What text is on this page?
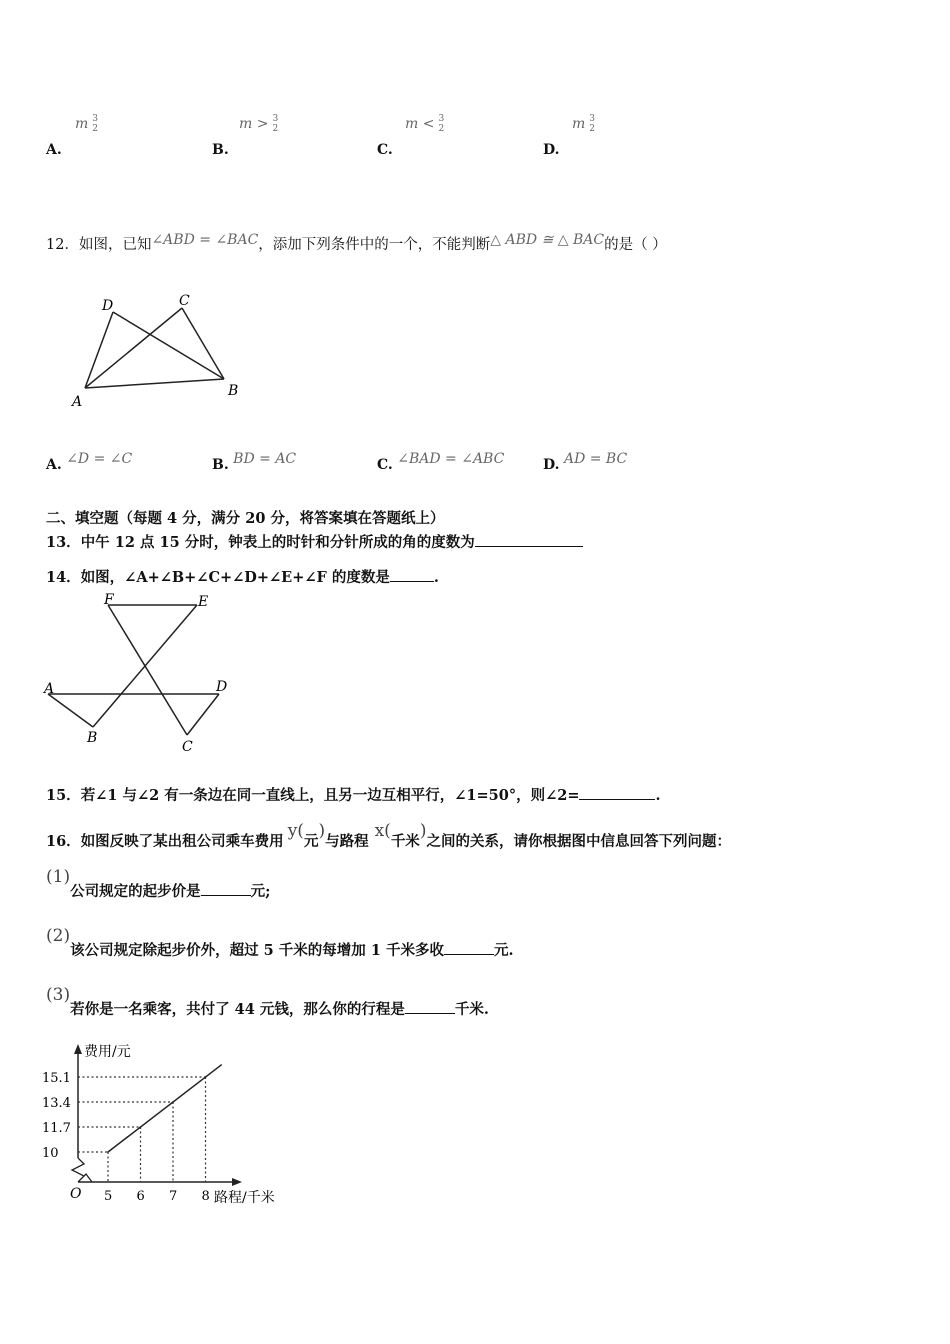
A.
m 3
2
B.
m > 3
2
C.
m < 3
2
D.
m 3
2
12．如图，已知∠ABD = ∠BAC，添加下列条件中的一个，不能判断△ ABD ≅ △ BAC的是（ ）
D	C
A
B
A. ∠D = ∠C	B. BD = AC	C. ∠BAD = ∠ABC	D. AD = BC
二、填空题（每题 4 分，满分 20 分，将答案填在答题纸上）
13．中午 12 点 15 分时，钟表上的时针和分针所成的角的度数为
14．如图，∠A+∠B+∠C+∠D+∠E+∠F 的度数是	.
F	E
A	D
B
C
15．若∠1 与∠2 有一条边在同一直线上，且另一边互相平行，∠1=50°，则∠2=	.
16．如图反映了某出租公司乘车费用y(元)与路程x(千米)之间的关系，请你根据图中信息回答下列问题：
(1)公司规定的起步价是	元;
(2)该公司规定除起步价外，超过 5 千米的每增加 1 千米多收	元.
(3)若你是一名乘客，共付了 44 元钱，那么你的行程是	千米.
5
10
6
11.7
7
13.4
8
15.1
费用/元
路程/千米
O
